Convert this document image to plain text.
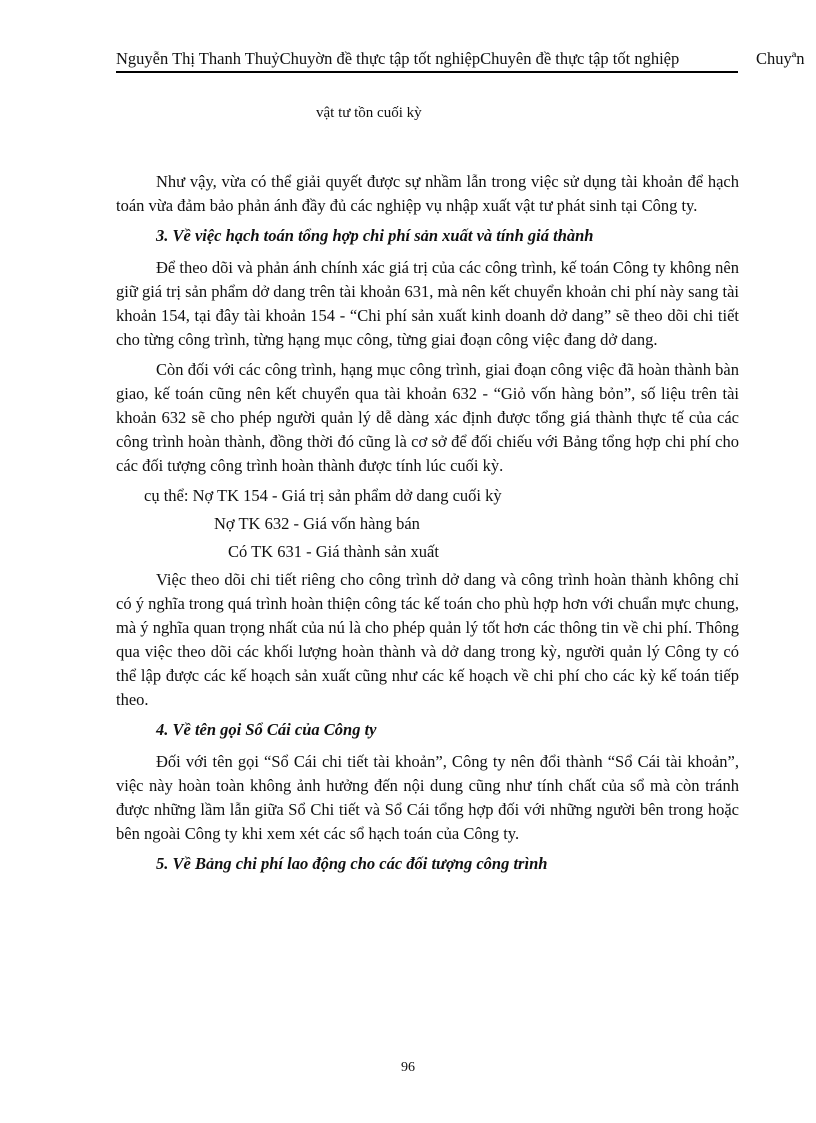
Nguyễn Thị Thanh ThuỷChuyờn đề thực tập tốt nghiệpChuyên đề thực tập tốt nghiệp	Chuyªn
vật tư tồn cuối kỳ

Như vậy, vừa có thể giải quyết được sự nhầm lẫn trong việc sử dụng tài khoản để hạch toán vừa đảm bảo phản ánh đầy đủ các nghiệp vụ nhập xuất vật tư phát sinh tại Công ty.

3. Về việc hạch toán tổng hợp chi phí sản xuất và tính giá thành

Để theo dõi và phản ánh chính xác giá trị của các công trình, kế toán Công ty không nên giữ giá trị sản phẩm dở dang trên tài khoản 631, mà nên kết chuyển khoản chi phí này sang tài khoản 154, tại đây tài khoản 154 - “Chi phí sản xuất kinh doanh dở dang” sẽ theo dõi chi tiết cho từng công trình, từng hạng mục công, từng giai đoạn công việc đang dở dang.

Còn đối với các công trình, hạng mục công trình, giai đoạn công việc đã hoàn thành bàn giao, kế toán cũng nên kết chuyển qua tài khoản 632 - “Giỏ vốn hàng bỏn”, số liệu trên tài khoản 632 sẽ cho phép người quản lý dễ dàng xác định được tổng giá thành thực tế của các công trình hoàn thành, đồng thời đó cũng là cơ sở để đối chiếu với Bảng tổng hợp chi phí cho các đối tượng công trình hoàn thành được tính lúc cuối kỳ.

cụ thể: Nợ TK 154 - Giá trị sản phẩm dở dang cuối kỳ
Nợ TK 632 - Giá vốn hàng bán
Có TK 631 - Giá thành sản xuất

Việc theo dõi chi tiết riêng cho công trình dở dang và công trình hoàn thành không chỉ có ý nghĩa trong quá trình hoàn thiện công tác kế toán cho phù hợp hơn với chuẩn mực chung, mà ý nghĩa quan trọng nhất của nú là cho phép quản lý tốt hơn các thông tin về chi phí. Thông qua việc theo dõi các khối lượng hoàn thành và dở dang trong kỳ, người quản lý Công ty có thể lập được các kế hoạch sản xuất cũng như các kế hoạch về chi phí cho các kỳ kế toán tiếp theo.

4. Về tên gọi Sổ Cái của Công ty

Đối với tên gọi “Sổ Cái chi tiết tài khoản”, Công ty nên đổi thành “Sổ Cái tài khoản”, việc này hoàn toàn không ảnh hưởng đến nội dung cũng như tính chất của sổ mà còn tránh được những lầm lẫn giữa Sổ Chi tiết và Sổ Cái tổng hợp đối với những người bên trong hoặc bên ngoài Công ty khi xem xét các sổ hạch toán của Công ty.

5. Về Bảng chi phí lao động cho các đối tượng công trình
96
